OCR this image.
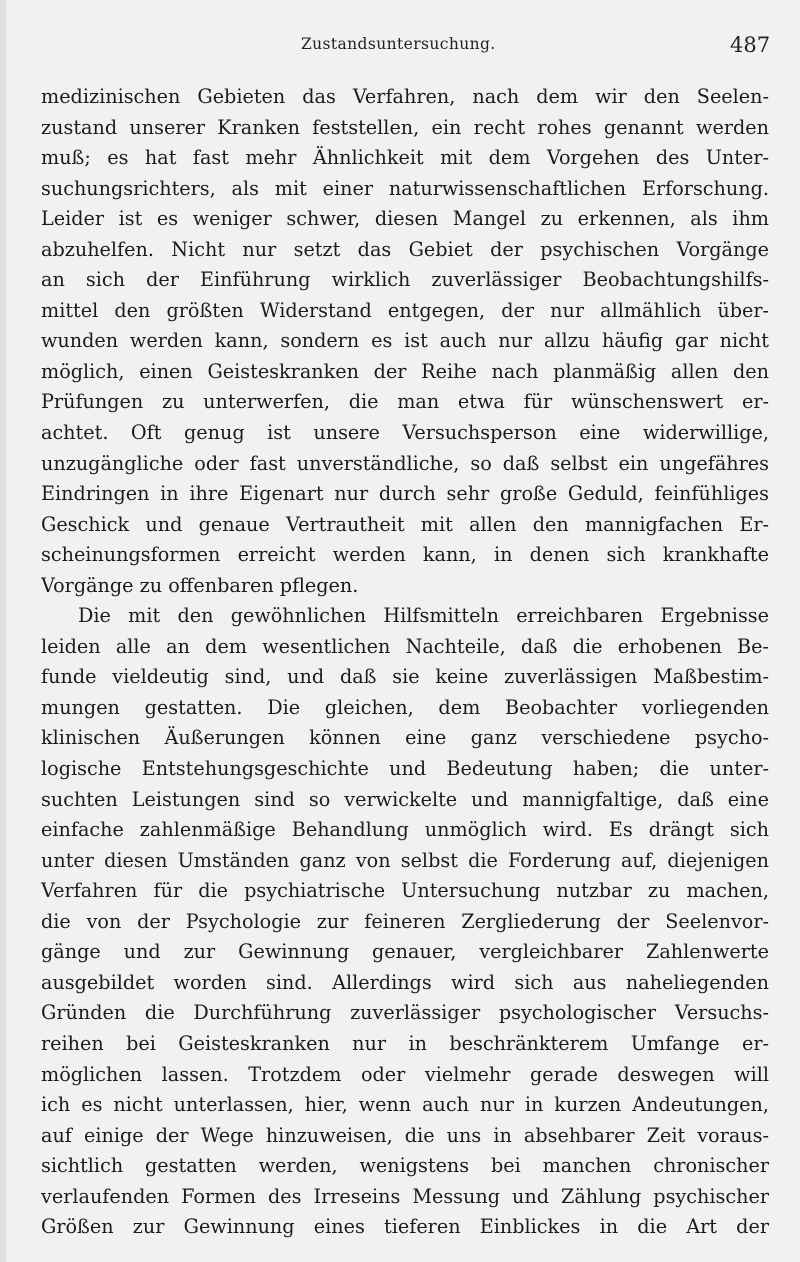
Zustandsuntersuchung.	487
medizinischen Gebieten das Verfahren, nach dem wir den Seelen-
zustand unserer Kranken feststellen, ein recht rohes genannt werden
muß; es hat fast mehr Ähnlichkeit mit dem Vorgehen des Unter-
suchungsrichters, als mit einer naturwissenschaftlichen Erforschung.
Leider ist es weniger schwer, diesen Mangel zu erkennen, als ihm
abzuhelfen. Nicht nur setzt das Gebiet der psychischen Vorgänge
an sich der Einführung wirklich zuverlässiger Beobachtungshilfs-
mittel den größten Widerstand entgegen, der nur allmählich über-
wunden werden kann, sondern es ist auch nur allzu häufig gar nicht
möglich, einen Geisteskranken der Reihe nach planmäßig allen den
Prüfungen zu unterwerfen, die man etwa für wünschenswert er-
achtet. Oft genug ist unsere Versuchsperson eine widerwillige,
unzugängliche oder fast unverständliche, so daß selbst ein ungefähres
Eindringen in ihre Eigenart nur durch sehr große Geduld, feinfühliges
Geschick und genaue Vertrautheit mit allen den mannigfachen Er-
scheinungsformen erreicht werden kann, in denen sich krankhafte
Vorgänge zu offenbaren pflegen.
Die mit den gewöhnlichen Hilfsmitteln erreichbaren Ergebnisse
leiden alle an dem wesentlichen Nachteile, daß die erhobenen Be-
funde vieldeutig sind, und daß sie keine zuverlässigen Maßbestim-
mungen gestatten. Die gleichen, dem Beobachter vorliegenden
klinischen Äußerungen können eine ganz verschiedene psycho-
logische Entstehungsgeschichte und Bedeutung haben; die unter-
suchten Leistungen sind so verwickelte und mannigfaltige, daß eine
einfache zahlenmäßige Behandlung unmöglich wird. Es drängt sich
unter diesen Umständen ganz von selbst die Forderung auf, diejenigen
Verfahren für die psychiatrische Untersuchung nutzbar zu machen,
die von der Psychologie zur feineren Zergliederung der Seelenvor-
gänge und zur Gewinnung genauer, vergleichbarer Zahlenwerte
ausgebildet worden sind. Allerdings wird sich aus naheliegenden
Gründen die Durchführung zuverlässiger psychologischer Versuchs-
reihen bei Geisteskranken nur in beschränkterem Umfange er-
möglichen lassen. Trotzdem oder vielmehr gerade deswegen will
ich es nicht unterlassen, hier, wenn auch nur in kurzen Andeutungen,
auf einige der Wege hinzuweisen, die uns in absehbarer Zeit voraus-
sichtlich gestatten werden, wenigstens bei manchen chronischer
verlaufenden Formen des Irreseins Messung und Zählung psychischer
Größen zur Gewinnung eines tieferen Einblickes in die Art der
